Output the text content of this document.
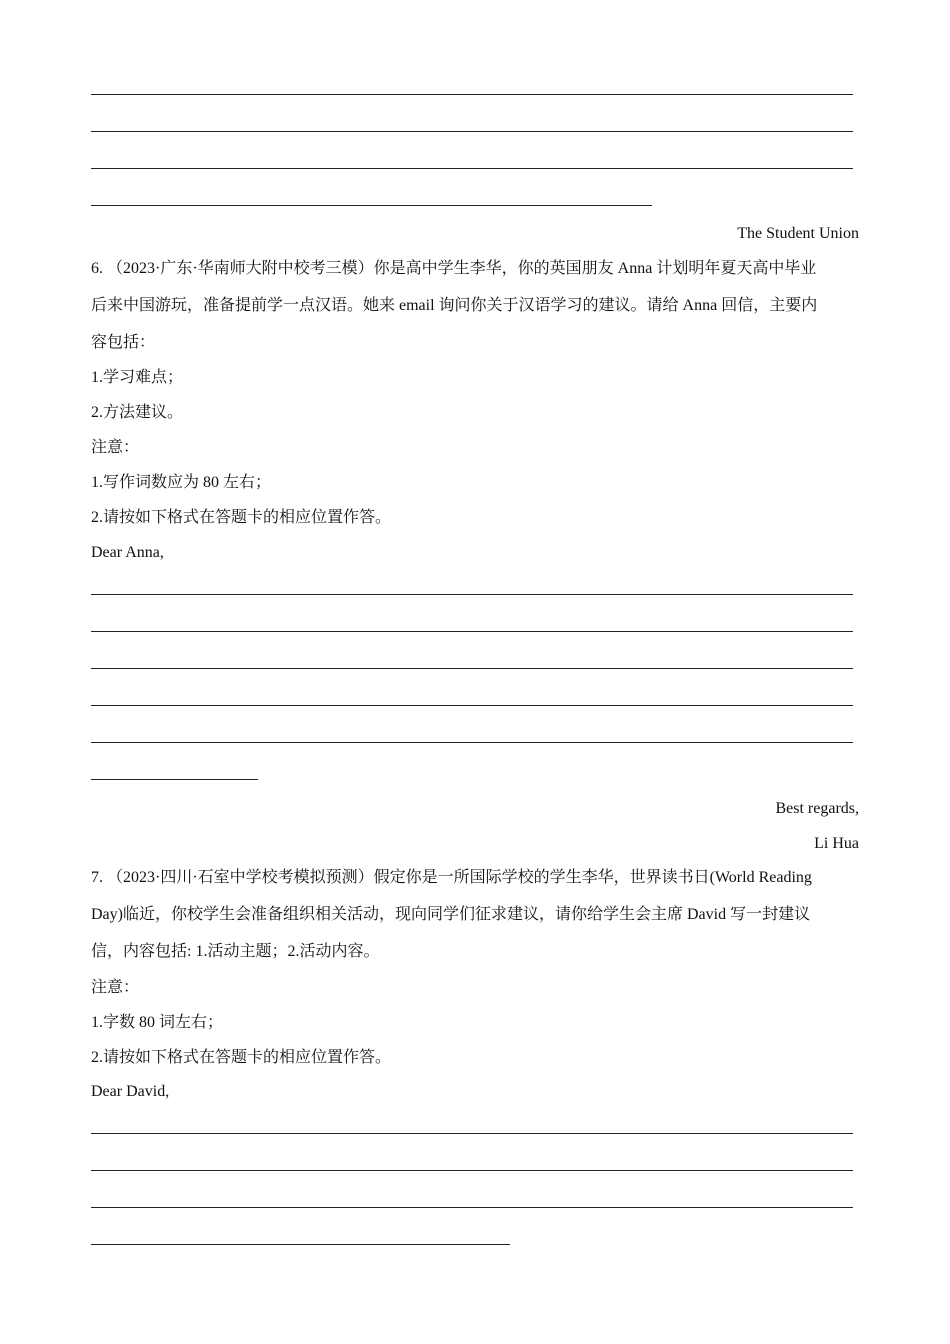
The Student Union
6. （2023·广东·华南师大附中校考三模）你是高中学生李华，你的英国朋友 Anna 计划明年夏天高中毕业
后来中国游玩，准备提前学一点汉语。她来 email 询问你关于汉语学习的建议。请给 Anna 回信，主要内
容包括：
1.学习难点；
2.方法建议。
注意：
1.写作词数应为 80 左右；
2.请按如下格式在答题卡的相应位置作答。
Dear Anna,
Best regards,
Li Hua
7. （2023·四川·石室中学校考模拟预测）假定你是一所国际学校的学生李华，世界读书日(World Reading
Day)临近，你校学生会准备组织相关活动，现向同学们征求建议，请你给学生会主席 David 写一封建议
信，内容包括: 1.活动主题；2.活动内容。
注意：
1.字数 80 词左右；
2.请按如下格式在答题卡的相应位置作答。
Dear David,
